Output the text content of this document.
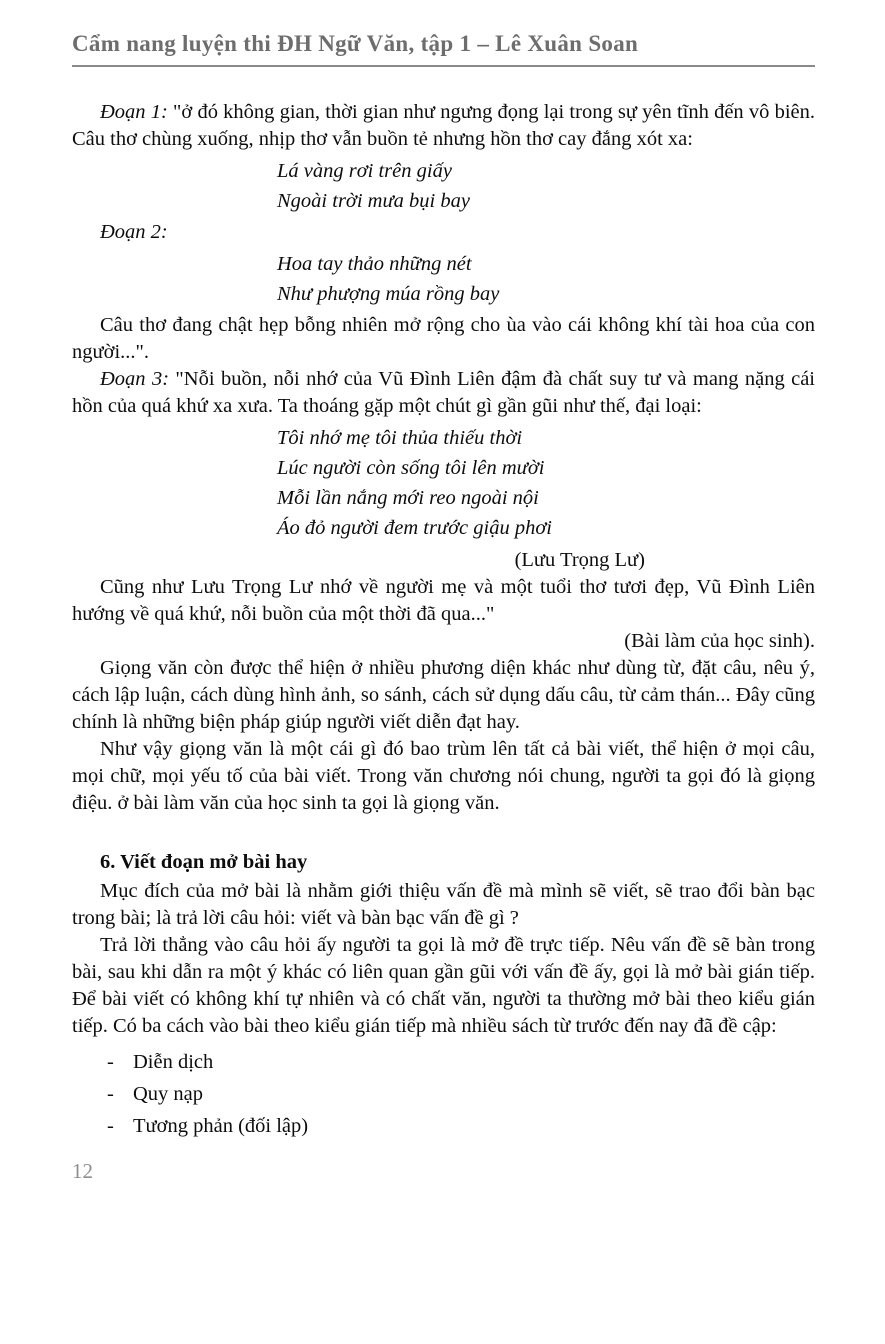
Cẩm nang luyện thi ĐH Ngữ Văn, tập 1 – Lê Xuân Soan

Đoạn 1: "ở đó không gian, thời gian như ngưng đọng lại trong sự yên tĩnh đến vô biên. Câu thơ chùng xuống, nhịp thơ vẫn buồn tẻ nhưng hồn thơ cay đắng xót xa:

Lá vàng rơi trên giấy
Ngoài trời mưa bụi bay

Đoạn 2:

Hoa tay thảo những nét
Như phượng múa rồng bay

Câu thơ đang chật hẹp bỗng nhiên mở rộng cho ùa vào cái không khí tài hoa của con người...".

Đoạn 3: "Nỗi buồn, nỗi nhớ của Vũ Đình Liên đậm đà chất suy tư và mang nặng cái hồn của quá khứ xa xưa. Ta thoáng gặp một chút gì gần gũi như thế, đại loại:

Tôi nhớ mẹ tôi thủa thiếu thời
Lúc người còn sống tôi lên mười
Mỗi lần nắng mới reo ngoài nội
Áo đỏ người đem trước giậu phơi

(Lưu Trọng Lư)

Cũng như Lưu Trọng Lư nhớ về người mẹ và một tuổi thơ tươi đẹp, Vũ Đình Liên hướng về quá khứ, nỗi buồn của một thời đã qua..."

(Bài làm của học sinh).

Giọng văn còn được thể hiện ở nhiều phương diện khác như dùng từ, đặt câu, nêu ý, cách lập luận, cách dùng hình ảnh, so sánh, cách sử dụng dấu câu, từ cảm thán... Đây cũng chính là những biện pháp giúp người viết diễn đạt hay.

Như vậy giọng văn là một cái gì đó bao trùm lên tất cả bài viết, thể hiện ở mọi câu, mọi chữ, mọi yếu tố của bài viết. Trong văn chương nói chung, người ta gọi đó là giọng điệu. ở bài làm văn của học sinh ta gọi là giọng văn.

6. Viết đoạn mở bài hay

Mục đích của mở bài là nhằm giới thiệu vấn đề mà mình sẽ viết, sẽ trao đổi bàn bạc trong bài; là trả lời câu hỏi: viết và bàn bạc vấn đề gì ?

Trả lời thẳng vào câu hỏi ấy người ta gọi là mở đề trực tiếp. Nêu vấn đề sẽ bàn trong bài, sau khi dẫn ra một ý khác có liên quan gần gũi với vấn đề ấy, gọi là mở bài gián tiếp. Để bài viết có không khí tự nhiên và có chất văn, người ta thường mở bài theo kiểu gián tiếp. Có ba cách vào bài theo kiểu gián tiếp mà nhiều sách từ trước đến nay đã đề cập:

- Diễn dịch
- Quy nạp
- Tương phản (đối lập)
12
